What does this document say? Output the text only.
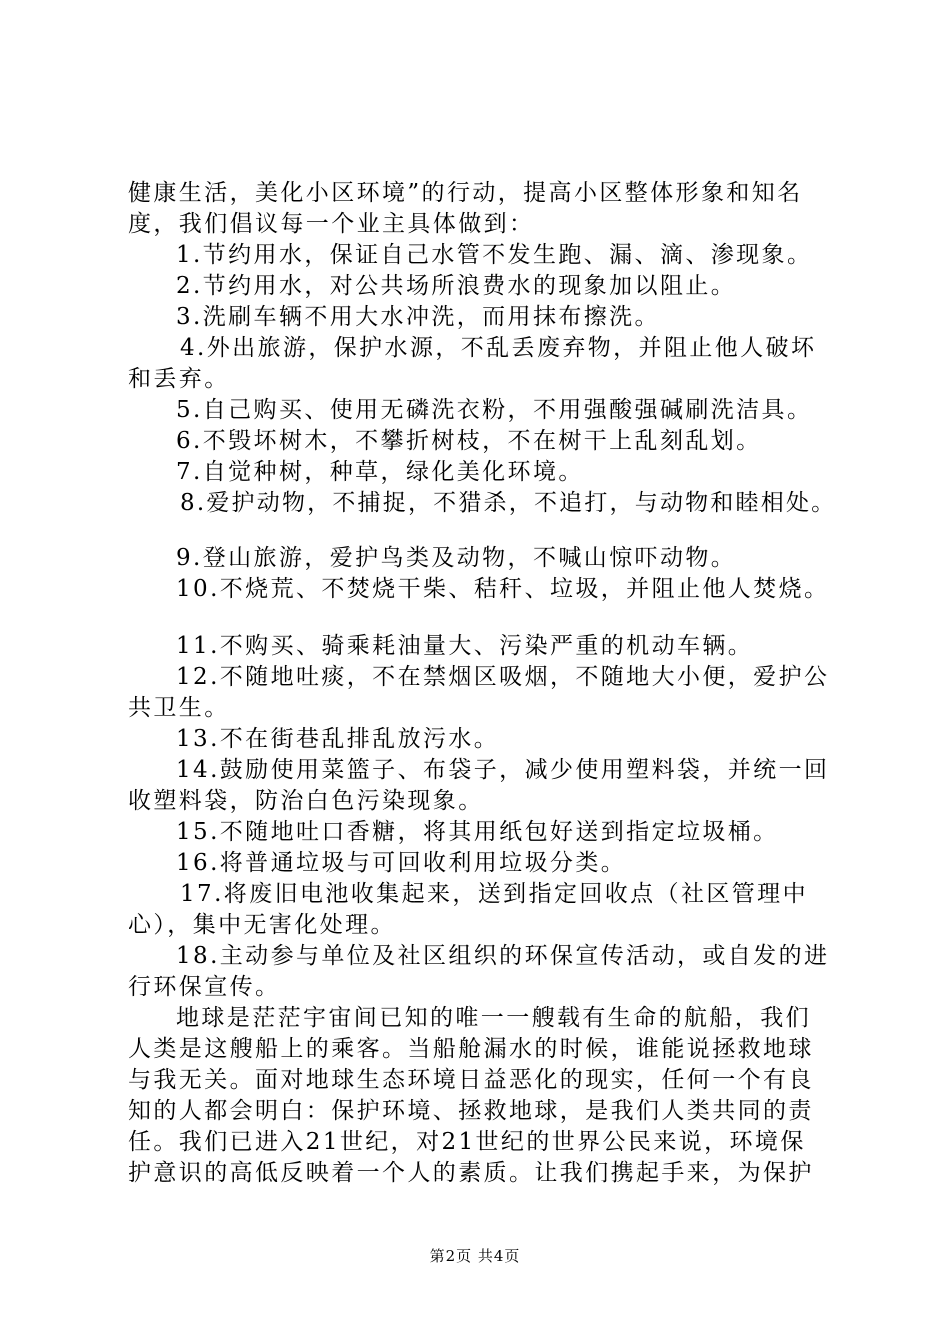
健康生活，美化小区环境”的行动，提高小区整体形象和知名
度，我们倡议每一个业主具体做到：
1.节约用水，保证自己水管不发生跑、漏、滴、渗现象。
2.节约用水，对公共场所浪费水的现象加以阻止。
3.洗刷车辆不用大水冲洗，而用抹布擦洗。
4.外出旅游，保护水源，不乱丢废弃物，并阻止他人破坏
和丢弃。
5.自己购买、使用无磷洗衣粉，不用强酸强碱刷洗洁具。
6.不毁坏树木，不攀折树枝，不在树干上乱刻乱划。
7.自觉种树，种草，绿化美化环境。
8.爱护动物，不捕捉，不猎杀，不追打，与动物和睦相处。
9.登山旅游，爱护鸟类及动物，不喊山惊吓动物。
10.不烧荒、不焚烧干柴、秸秆、垃圾，并阻止他人焚烧。
11.不购买、骑乘耗油量大、污染严重的机动车辆。
12.不随地吐痰，不在禁烟区吸烟，不随地大小便，爱护公
共卫生。
13.不在街巷乱排乱放污水。
14.鼓励使用菜篮子、布袋子，减少使用塑料袋，并统一回
收塑料袋，防治白色污染现象。
15.不随地吐口香糖，将其用纸包好送到指定垃圾桶。
16.将普通垃圾与可回收利用垃圾分类。
17.将废旧电池收集起来，送到指定回收点（社区管理中
心），集中无害化处理。
18.主动参与单位及社区组织的环保宣传活动，或自发的进
行环保宣传。
地球是茫茫宇宙间已知的唯一一艘载有生命的航船，我们
人类是这艘船上的乘客。当船舱漏水的时候，谁能说拯救地球
与我无关。面对地球生态环境日益恶化的现实，任何一个有良
知的人都会明白：保护环境、拯救地球，是我们人类共同的责
任。我们已进入21世纪，对21世纪的世界公民来说，环境保
护意识的高低反映着一个人的素质。让我们携起手来，为保护
第2页 共4页
